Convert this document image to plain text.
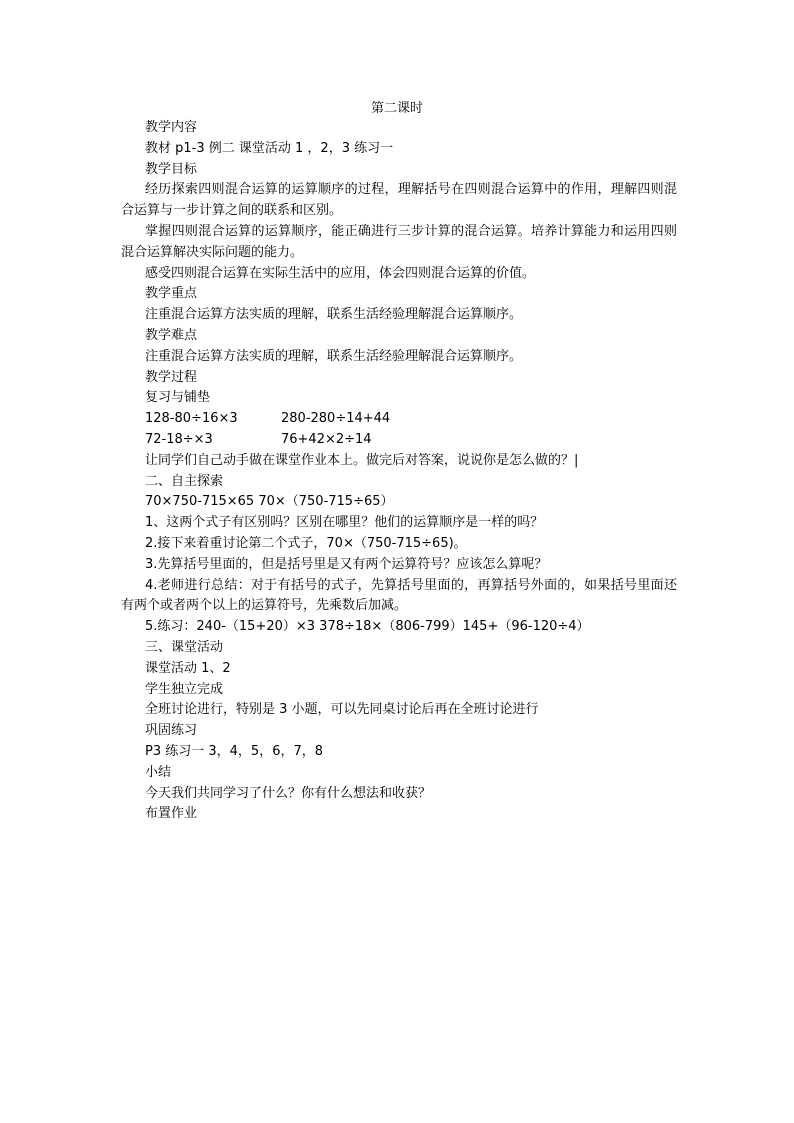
第二课时

教学内容

教材 p1-3 例二 课堂活动 1 ，2，3 练习一

教学目标

经历探索四则混合运算的运算顺序的过程，理解括号在四则混合运算中的作用，理解四则混合运算与一步计算之间的联系和区别。

掌握四则混合运算的运算顺序，能正确进行三步计算的混合运算。培养计算能力和运用四则混合运算解决实际问题的能力。

感受四则混合运算在实际生活中的应用，体会四则混合运算的价值。

教学重点

注重混合运算方法实质的理解，联系生活经验理解混合运算顺序。

教学难点

注重混合运算方法实质的理解，联系生活经验理解混合运算顺序。

教学过程

复习与铺垫

128-80÷16×3	280-280÷14+44

72-18÷×3	76+42×2÷14

让同学们自己动手做在课堂作业本上。做完后对答案，说说你是怎么做的？|

二、自主探索

70×750-715×65 70×（750-715÷65）

1、这两个式子有区别吗？区别在哪里？他们的运算顺序是一样的吗？

2.接下来着重讨论第二个式子，70×（750-715÷65)。

3.先算括号里面的，但是括号里是又有两个运算符号？应该怎么算呢？

4.老师进行总结：对于有括号的式子，先算括号里面的，再算括号外面的，如果括号里面还有两个或者两个以上的运算符号，先乘数后加减。

5.练习：240-（15+20）×3 378÷18×（806-799）145+（96-120÷4）

三、课堂活动

课堂活动 1、2

学生独立完成

全班讨论进行，特别是 3 小题，可以先同桌讨论后再在全班讨论进行

巩固练习

P3 练习一 3，4，5，6，7，8

小结

今天我们共同学习了什么？你有什么想法和收获？

布置作业
